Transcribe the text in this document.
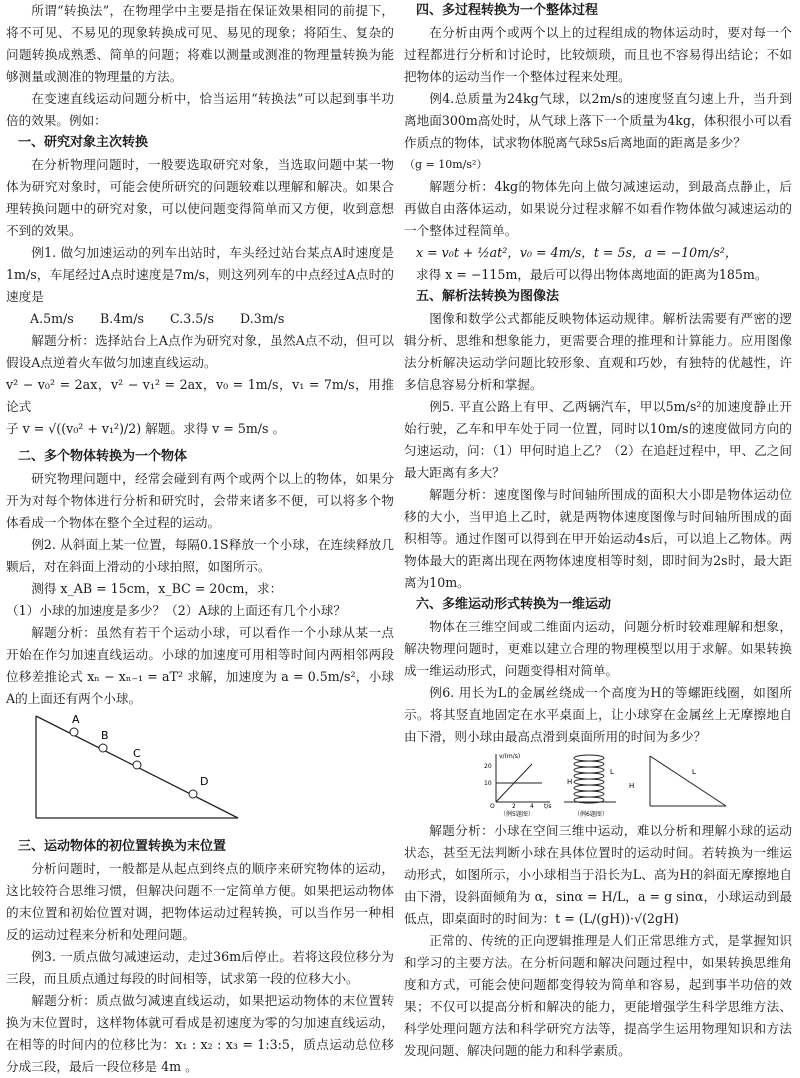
所谓“转换法”，在物理学中主要是指在保证效果相同的前提下，将不可见、不易见的现象转换成可见、易见的现象；将陌生、复杂的问题转换成熟悉、简单的问题；将难以测量或测准的物理量转换为能够测量或测准的物理量的方法。

在变速直线运动问题分析中，恰当运用“转换法”可以起到事半功倍的效果。例如：

一、研究对象主次转换

在分析物理问题时，一般要选取研究对象，当选取问题中某一物体为研究对象时，可能会使所研究的问题较难以理解和解决。如果合理转换问题中的研究对象，可以使问题变得简单而又方便，收到意想不到的效果。

例1. 做匀加速运动的列车出站时，车头经过站台某点A时速度是1m/s，车尾经过A点时速度是7m/s，则这列列车的中点经过A点时的速度是

A.5m/s B.4m/s C.3.5/s D.3m/s

解题分析：选择站台上A点作为研究对象，虽然A点不动，但可以假设A点逆着火车做匀加速直线运动。

v² − v₀² = 2ax，v² − v₁² = 2ax，v₀ = 1m/s，v₁ = 7m/s，用推论式

子 v = √((v₀² + v₁²)/2) 解题。求得 v = 5m/s 。

二、多个物体转换为一个物体

研究物理问题中，经常会碰到有两个或两个以上的物体，如果分开为对每个物体进行分析和研究时，会带来诸多不便，可以将多个物体看成一个物体在整个全过程的运动。

例2. 从斜面上某一位置，每隔0.1S释放一个小球，在连续释放几颗后，对在斜面上滑动的小球拍照，如图所示。

测得 x_AB = 15cm，x_BC = 20cm，求：

（1）小球的加速度是多少？（2）A球的上面还有几个小球？

解题分析：虽然有若干个运动小球，可以看作一个小球从某一点开始在作匀加速直线运动。小球的加速度可用相等时间内两相邻两段位移差推论式 xₙ − xₙ₋₁ = aT² 求解，加速度为 a = 0.5m/s²，小球A的上面还有两个小球。

A
B
C
D

三、运动物体的初位置转换为末位置

分析问题时，一般都是从起点到终点的顺序来研究物体的运动，这比较符合思维习惯，但解决问题不一定简单方便。如果把运动物体的末位置和初始位置对调，把物体运动过程转换，可以当作另一种相反的运动过程来分析和处理问题。

例3. 一质点做匀减速运动，走过36m后停止。若将这段位移分为三段，而且质点通过每段的时间相等，试求第一段的位移大小。

解题分析：质点做匀减速直线运动，如果把运动物体的末位置转换为末位置时，这样物体就可看成是初速度为零的匀加速直线运动，在相等的时间内的位移比为：x₁ : x₂ : x₃ = 1:3:5，质点运动总位移分成三段，最后一段位移是 4m 。

四、多过程转换为一个整体过程

在分析由两个或两个以上的过程组成的物体运动时，要对每一个过程都进行分析和讨论时，比较烦琐，而且也不容易得出结论；不如把物体的运动当作一个整体过程来处理。

例4.总质量为24kg气球，以2m/s的速度竖直匀速上升，当升到离地面300m高处时，从气球上落下一个质量为4kg，体积很小可以看作质点的物体，试求物体脱离气球5s后离地面的距离是多少？

（g = 10m/s²）

解题分析：4kg的物体先向上做匀减速运动，到最高点静止，后再做自由落体运动，如果说分过程求解不如看作物体做匀减速运动的一个整体过程简单。

x = v₀t + ½at²，v₀ = 4m/s，t = 5s，a = −10m/s²，

求得 x = −115m，最后可以得出物体离地面的距离为185m。

五、解析法转换为图像法

图像和数学公式都能反映物体运动规律。解析法需要有严密的逻辑分析、思维和想象能力，更需要合理的推理和计算能力。应用图像法分析解决运动学问题比较形象、直观和巧妙，有独特的优越性，许多信息容易分析和掌握。

例5. 平直公路上有甲、乙两辆汽车，甲以5m/s²的加速度静止开始行驶，乙车和甲车处于同一位置，同时以10m/s的速度做同方向的匀速运动，问：（1）甲何时追上乙？（2）在追赶过程中，甲、乙之间最大距离有多大？

解题分析：速度图像与时间轴所围成的面积大小即是物体运动位移的大小，当甲追上乙时，就是两物体速度图像与时间轴所围成的面积相等。通过作图可以得到在甲开始运动4s后，可以追上乙物体。两物体最大的距离出现在两物体速度相等时刻，即时间为2s时，最大距离为10m。

六、多维运动形式转换为一维运动

物体在三维空间或二维面内运动，问题分析时较难理解和想象，解决物理问题时，更难以建立合理的物理模型以用于求解。如果转换成一维运动形式，问题变得相对简单。

例6. 用长为L的金属丝绕成一个高度为H的等螺距线圈，如图所示。将其竖直地固定在水平桌面上，让小球穿在金属丝上无摩擦地自由下滑，则小球由最高点滑到桌面所用的时间为多少？

v/(m/s)
20
10
O	2 4 t/s
（例5题图）
H
L
H
（例6题图）
L

解题分析：小球在空间三维中运动，难以分析和理解小球的运动状态，甚至无法判断小球在具体位置时的运动时间。若转换为一维运动形式，如图所示，小小球相当于沿长为L、高为H的斜面无摩擦地自由下滑，设斜面倾角为 α，sinα = H/L，a = g sinα，小球运动到最低点，即桌面时的时间为：t = (L/(gH))·√(2gH)

正常的、传统的正向逻辑推理是人们正常思维方式，是掌握知识和学习的主要方法。在分析问题和解决问题过程中，如果转换思维角度和方式，可能会使问题都变得较为简单和容易，起到事半功倍的效果；不仅可以提高分析和解决的能力，更能增强学生科学思维方法、科学处理问题方法和科学研究方法等，提高学生运用物理知识和方法发现问题、解决问题的能力和科学素质。
